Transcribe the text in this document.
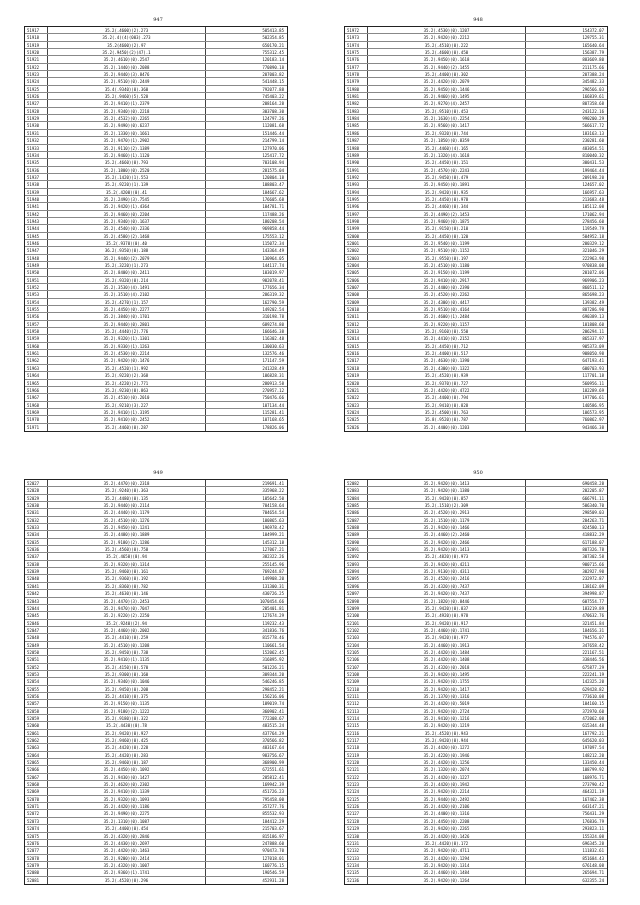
947
51917	35.2(.4600)(2).273	505413.85
51918	35.2(.4)(4)(003).273	502354.85
51919	35.2(4600)(2).97	650170.21
51920	35.2(.9450)(2)(47).1	755312.45
51921	35.2(.4610)(0).2547	120183.14
51922	35.2(.1440)(0).2088	770890.18
51923	35.2(.9440)(3).8476	207003.82
51924	35.2(.9510)(0).2449	541448.15
51925	35.4(.9340)(0).360	792077.88
51926	35.2(.9460)(5).528	745403.22
51927	35.2(.9410)(1).2379	208164.28
51928	35.2(.9340)(0).2218	303708.30
51929	35.2(.4532)(0).2265	124797.26
51930	35.2(.9490)(0).6237	112081.68
51931	35.2(.1330)(0).1661	151446.44
51932	35.2(.9470)(1).2902	214799.14
51933	35.2(.9110)(2).1389	127970.06
51934	35.2(.9460)(1).1120	125417.72
51935	35.2(.4660)(0).793	703108.94
51936	35.2(.1800)(0).2520	281575.04
51937	35.2(.1420)(1).553	120804.18
51938	35.2(.9220)(1).139	108803.47
51939	35.2(.4200)(0).41	184667.62
51940	35.2(.2490)(3).7545	176605.68
51941	35.2(.9420)(1).4364	104781.71
51942	35.2(.9460)(0).2204	117488.26
51943	35.2(.9340)(0).1637	180208.54
51944	35.2(.4540)(0).2336	969858.44
51945	35.2(.4580)(2).1468	175553.12
51946	35.2(.9370)(0).40	115072.34
51947	36.2(.9350)(0).188	143364.49
51948	35.2(.9440)(2).2079	130964.05
51949	35.2(.3220)(1).273	144117.74
51950	35.2(.8400)(0).2411	103019.97
51951	35.2(.9320)(0).214	902078.41
51952	35.2(.3530)(4).1491	177656.34
51953	35.2(.3510)(4).2102	286319.32
51954	35.2(.4270)(1).157	162790.59
51955	35.2(.4450)(0).2277	149202.54
51956	35.2(.3840)(0).1701	310198.78
51957	35.2(.9440)(0).2801	689274.80
51958	35.2(.4440)(2).776	166646.38
51959	35.2(.9320)(1).1301	116302.48
51960	35.2(.9330)(1).1263	130030.63
51961	35.2(.4530)(0).2214	132576.46
51962	35.2(.9420)(0).1476	171147.59
51963	35.2(.4520)(1).992	241328.49
51964	35.2(.9220)(2).368	106828.31
51965	35.2(.4220)(2).771	280913.58
51966	35.2(.9230)(0).863	270957.12
51967	35.2(.4510)(0).2010	750476.66
51968	35.2(.9210)(3).227	107134.44
51969	35.2(.9410)(1).3195	115281.41
51970	35.2(.9410)(0).2452	107168.65
51971	35.2(.4460)(0).287	178826.06
948
51972	35.2(.4530)(0).1207	154372.07
51973	35.2(.9420)(0).2212	129755.31
51974	35.2(.4510)(0).222	165640.64
51975	35.2(.4600)(0).450	156387.79
51976	35.2(.9450)(0).1618	883669.80
51977	35.2(.9440)(2).1455	211175.66
51978	35.2(.4400)(0).302	207388.24
51979	35.2(.4420)(0).2079	345482.33
51980	35.2(.9450)(0).1446	296566.03
51981	35.2(.9460)(0).1495	166839.61
51982	35.2(.9270)(4).2457	807358.68
51983	35.2(.9510)(0).453	243122.16
51984	35.2(.1630)(4).2254	990200.29
51985	35.2(.9560)(0).1417	566617.72
51986	35.2(.9320)(0).744	183163.13
51987	35.2(.1850)(0).8359	230281.60
51988	35.2(.4460)(4).165	483054.51
51989	35.2(.1320)(4).1618	810040.32
51990	35.2(.4450)(0).151	300431.53
51991	35.2(.4570)(0).2243	199464.44
51992	35.2(.9450)(0).479	209198.20
51993	35.2(.9450)(0).1891	124657.02
51994	35.2(.9420)(0).935	166957.63
51995	35.2(.4450)(0).978	213683.48
51996	35.2(.4460)(0).344	105112.08
51997	35.2(.4490)(2).1453	171062.94
51998	35.2(.9460)(0).1875	278456.60
51999	35.2(.9150)(0).210	119549.79
52000	35.2(.4450)(0).120	504952.18
52001	35.2(.9540)(0).1199	200329.12
52002	35.2(.9510)(0).1152	321046.29
52003	35.2(.9550)(0).197	222963.98
52004	35.2(.4510)(0).1180	970838.08
52005	35.2(.9150)(0).1199	201072.06
52006	35.2(.9410)(0).2917	969906.23
52007	35.2(.4400)(0).2390	860511.12
52008	35.2(.4520)(0).2262	865698.23
52009	35.2(.4300)(0).4417	139382.49
52010	35.2(.9510)(0).4164	887286.90
52011	35.2(.4600)(1).2484	690389.13
52012	35.2(.9220)(0).1157	101808.60
52013	35.2(.9160)(0).550	206294.11
52014	35.2(.4410)(0).2152	865337.97
52015	35.2(.4450)(0).712	905373.09
52016	35.2(.4400)(0).517	908050.98
52017	35.2(.4630)(0).1390	647193.41
52018	35.2(.4300)(0).1322	600703.93
52019	35.2(.4520)(0).939	117701.18
52020	35.2(.9370)(0).727	560956.11
52021	35.2(.4420)(0).4722	182289.69
52022	35.2(.4400)(0).794	197706.61
52023	35.2(.9410)(0).828	140586.95
52024	35.2(.4500)(0).763	106573.95
52025	35.8(.9520)(0).787	760862.97
52026	35.2(.4400)(0).1203	943466.38
949
52027	35.2(.4470)(0).2318	219691.41
52028	35.2(.9240)(0).363	335968.22
52029	35.2(.4480)(0).135	105642.50
52030	35.2(.9440)(0).2114	704158.64
52031	35.2(.4440)(0).1179	704654.54
52032	35.2(.4510)(0).1276	100865.63
52033	35.2(.9450)(0).1241	196978.42
52034	35.2(.4480)(0).1889	104999.21
52035	35.2(.9180)(2).1286	145312.18
52036	35.2(.4560)(0).758	127067.21
52037	35.2(.4650)(0).94	382322.26
52038	35.2(.9320)(0).1314	255145.96
52039	35.2(.9460)(0).161	769244.87
52040	35.2(.9360)(0).192	149908.20
52041	35.2(.8360)(0).782	131300.31
52042	35.2(.4630)(0).146	430726.25
52043	35.2(.4470)(3).2453	1070454.66
52044	35.2(.9470)(0).7047	205401.81
52045	35.2(.9220)(2).2250	127674.29
52046	35.2(.9240)(2).94	119232.43
52047	35.2(.4460)(0).2002	341836.76
52048	35.2(.4410)(0).259	815778.46
52049	35.2(.4510)(0).1208	110661.54
52050	35.2(.9450)(0).738	152062.45
52051	35.2(.9410)(1).1135	316895.92
52052	35.2(.4150)(0).570	501226.21
52053	35.2(.9300)(0).160	309344.20
52054	35.2(.9340)(0).1046	546246.85
52055	35.2(.9450)(0).208	298452.21
52056	35.2(.4410)(0).375	156216.06
52057	35.2(.9150)(0).1135	109019.74
52058	35.2(.9180)(2).1222	360902.41
52059	35.2(.9180)(0).322	772308.67
52060	35.2(.4430)(0).78	483515.24
52061	35.2(.9420)(0).927	437764.29
52062	35.2(.9460)(0).425	370566.82
52063	35.2(.4420)(0).228	483167.64
52064	35.2(.4420)(0).283	983756.67
52065	35.2(.9460)(0).187	368900.99
52066	35.2(.4450)(0).1092	672551.61
52067	35.2(.9430)(0).1427	285812.41
52068	35.2(.4620)(0).2302	169942.39
52069	35.2(.9410)(0).1339	451726.23
52070	35.2(.9320)(0).1093	795458.00
52071	35.2(.4420)(0).1186	357277.76
52072	35.2(.9490)(0).2275	855532.93
52073	35.2(.1310)(0).1087	184412.29
52074	35.2(.4400)(0).454	215703.67
52075	35.2(.4320)(0).2846	815186.97
52076	35.2(.4430)(0).2697	247888.60
52077	35.2(.4420)(0).1463	970473.70
52078	35.2(.9200)(0).2414	127018.01
52079	35.2(.4320)(0).1007	160776.15
52080	35.2(.9360)(1).1741	190546.59
52081	35.2(.4520)(0).296	452931.28
950
52082	35.2(.9420)(0).1413	690458.28
52083	35.2(.9420)(0).1380	202205.87
52084	35.2(.9420)(0).857	666791.11
52085	35.2(.1510)(2).309	506340.70
52086	35.2(.4520)(0).2913	298509.03
52087	35.2(.1510)(0).1179	204263.71
52088	35.2(.9420)(0).1466	824580.13
52089	35.2(.4460)(2).2460	418832.29
52090	35.2(.9420)(0).2466	617188.07
52091	35.2(.9420)(0).1413	807326.78
52092	35.2(.4820)(0).973	307302.58
52093	35.2(.9420)(0).4211	900715.66
52094	35.2(.9130)(0).4311	302927.90
52095	35.2(.4520)(0).2416	232972.87
52096	35.2(.4320)(0).7437	138162.09
52097	35.2(.9420)(0).7437	394998.87
52098	35.2(.1820)(0).8446	607554.77
52099	35.2(.9420)(0).837	183219.89
52100	35.2(.4920)(0).978	470632.76
52101	35.2(.9420)(0).917	321451.84
52102	35.2(.4460)(0).1741	184656.31
52103	35.2(.9420)(0).977	794576.07
52104	35.2(.4460)(0).1913	347658.42
52105	35.2(.4420)(0).1484	221167.51
52106	35.2(.4420)(0).1408	338446.56
52107	35.2(.4320)(0).2018	675877.29
52108	35.2(.9420)(0).1495	222241.19
52109	35.2(.9420)(0).1755	142325.20
52110	35.2(.9420)(0).1417	629428.82
52111	35.2(.1370)(0).1316	773610.08
52112	35.2(.4420)(0).5019	104160.15
52113	35.2(.9420)(0).2724	372970.60
52114	35.2(.9410)(0).1216	472062.08
52115	35.2(.9420)(0).1219	615344.48
52116	35.2(.4520)(0).943	167792.21
52117	35.2(.9420)(0).944	645620.03
52118	35.2(.4420)(0).1272	197097.54
52119	35.2(.4220)(0).1946	148212.20
52120	35.2(.4420)(0).1256	133450.44
52121	35.2(.1320)(0).2074	108799.92
52122	35.2(.4420)(0).1227	168976.71
52123	35.2(.4420)(0).1942	273790.42
52124	35.2(.9420)(0).2214	464321.19
52125	35.2(.9440)(0).2492	167462.38
52126	35.2(.4420)(0).2106	643147.21
52127	35.2(.4400)(0).1316	756431.29
52128	35.2(.4450)(0).2208	176836.79
52129	35.2(.9420)(0).2265	293823.11
52130	35.2(.4420)(0).1426	155324.08
52131	35.2(.4420)(0).172	696345.28
52132	35.2(.9420)(0).4711	111832.61
52133	35.2(.4420)(0).1294	851684.43
52134	35.2(.9420)(0).1314	676148.08
52135	35.2(.4460)(0).1484	265694.71
52136	35.2(.9420)(0).1264	632355.24
